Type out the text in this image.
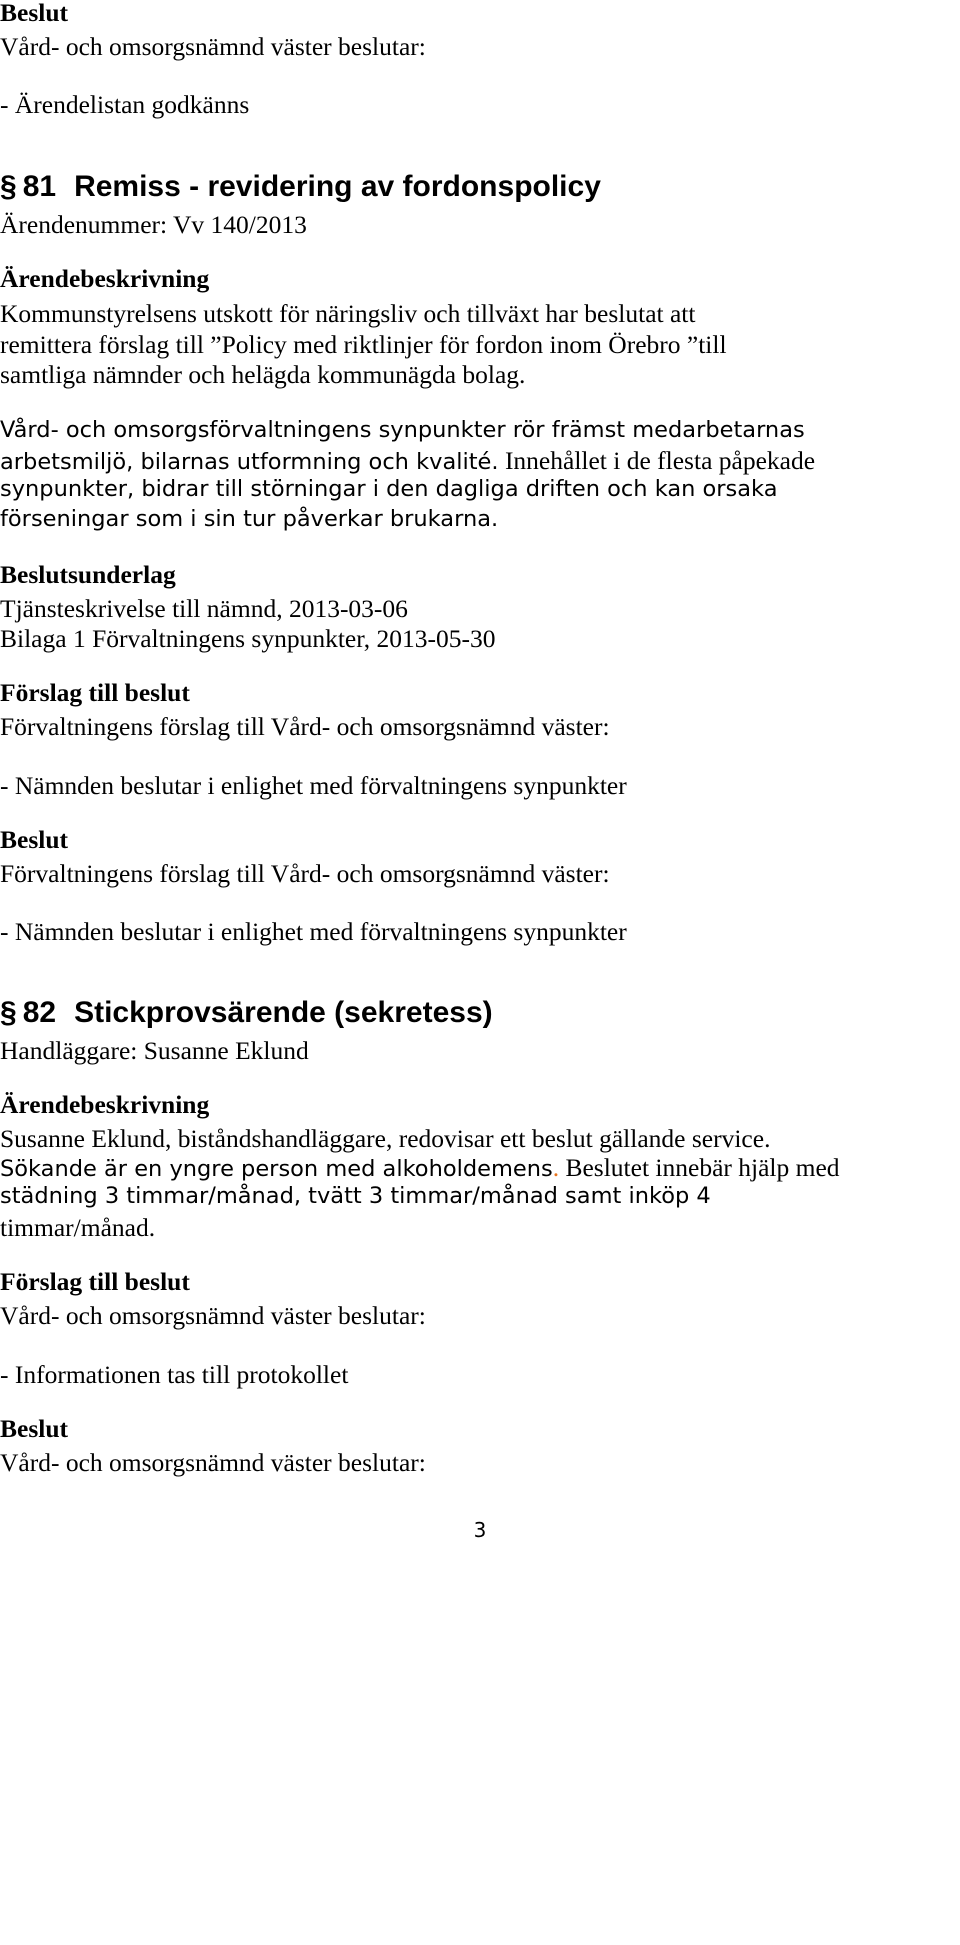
Beslut
Vård- och omsorgsnämnd väster beslutar:
- Ärendelistan godkänns
§ 81 Remiss - revidering av fordonspolicy
Ärendenummer: Vv 140/2013
Ärendebeskrivning
Kommunstyrelsens utskott för näringsliv och tillväxt har beslutat att
remittera förslag till ”Policy med riktlinjer för fordon inom Örebro ”till
samtliga nämnder och helägda kommunägda bolag.
Vård- och omsorgsförvaltningens synpunkter rör främst medarbetarnas
arbetsmiljö, bilarnas utformning och kvalité. Innehållet i de flesta påpekade
synpunkter, bidrar till störningar i den dagliga driften och kan orsaka
förseningar som i sin tur påverkar brukarna.
Beslutsunderlag
Tjänsteskrivelse till nämnd, 2013-03-06
Bilaga 1 Förvaltningens synpunkter, 2013-05-30
Förslag till beslut
Förvaltningens förslag till Vård- och omsorgsnämnd väster:
- Nämnden beslutar i enlighet med förvaltningens synpunkter
Beslut
Förvaltningens förslag till Vård- och omsorgsnämnd väster:
- Nämnden beslutar i enlighet med förvaltningens synpunkter
§ 82 Stickprovsärende (sekretess)
Handläggare: Susanne Eklund
Ärendebeskrivning
Susanne Eklund, biståndshandläggare, redovisar ett beslut gällande service.
Sökande är en yngre person med alkoholdemens. Beslutet innebär hjälp med
städning 3 timmar/månad, tvätt 3 timmar/månad samt inköp 4
timmar/månad.
Förslag till beslut
Vård- och omsorgsnämnd väster beslutar:
- Informationen tas till protokollet
Beslut
Vård- och omsorgsnämnd väster beslutar:
3
